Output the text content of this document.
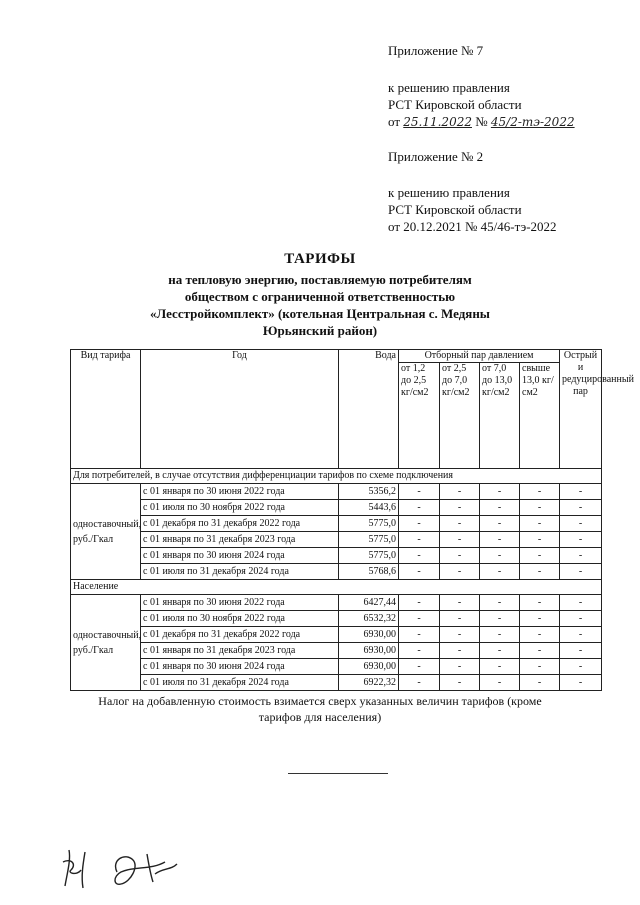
Приложение № 7
к решению правления
РСТ Кировской области
от 25.11.2022 № 45/2-тэ-2022
Приложение № 2
к решению правления
РСТ Кировской области
от 20.12.2021 № 45/46-тэ-2022
ТАРИФЫ
на тепловую энергию, поставляемую потребителям
обществом с ограниченной ответственностью
«Лесстройкомплект» (котельная Центральная с. Медяны
Юрьянский район)
Вид тарифа	Год	Вода	Отборный пар давлением				Острый и редуцированный пар
			от 1,2 до 2,5 кг/см2	от 2,5 до 7,0 кг/см2	от 7,0 до 13,0 кг/см2	свыше 13,0 кг/см2	
Для потребителей, в случае отсутствия дифференциации тарифов по схеме подключения							
одноставочный, руб./Гкал	с 01 января по 30 июня 2022 года	5356,2	-	-	-	-	-
	с 01 июля по 30 ноября 2022 года	5443,6	-	-	-	-	-
	с 01 декабря по 31 декабря 2022 года	5775,0	-	-	-	-	-
	с 01 января по 31 декабря 2023 года	5775,0	-	-	-	-	-
	с 01 января по 30 июня 2024 года	5775,0	-	-	-	-	-
	с 01 июля по 31 декабря 2024 года	5768,6	-	-	-	-	-
Население							
одноставочный, руб./Гкал	с 01 января по 30 июня 2022 года	6427,44	-	-	-	-	-
	с 01 июля по 30 ноября 2022 года	6532,32	-	-	-	-	-
	с 01 декабря по 31 декабря 2022 года	6930,00	-	-	-	-	-
	с 01 января по 31 декабря 2023 года	6930,00	-	-	-	-	-
	с 01 января по 30 июня 2024 года	6930,00	-	-	-	-	-
	с 01 июля по 31 декабря 2024 года	6922,32	-	-	-	-	-
Налог на добавленную стоимость взимается сверх указанных величин тарифов (кроме тарифов для населения)
